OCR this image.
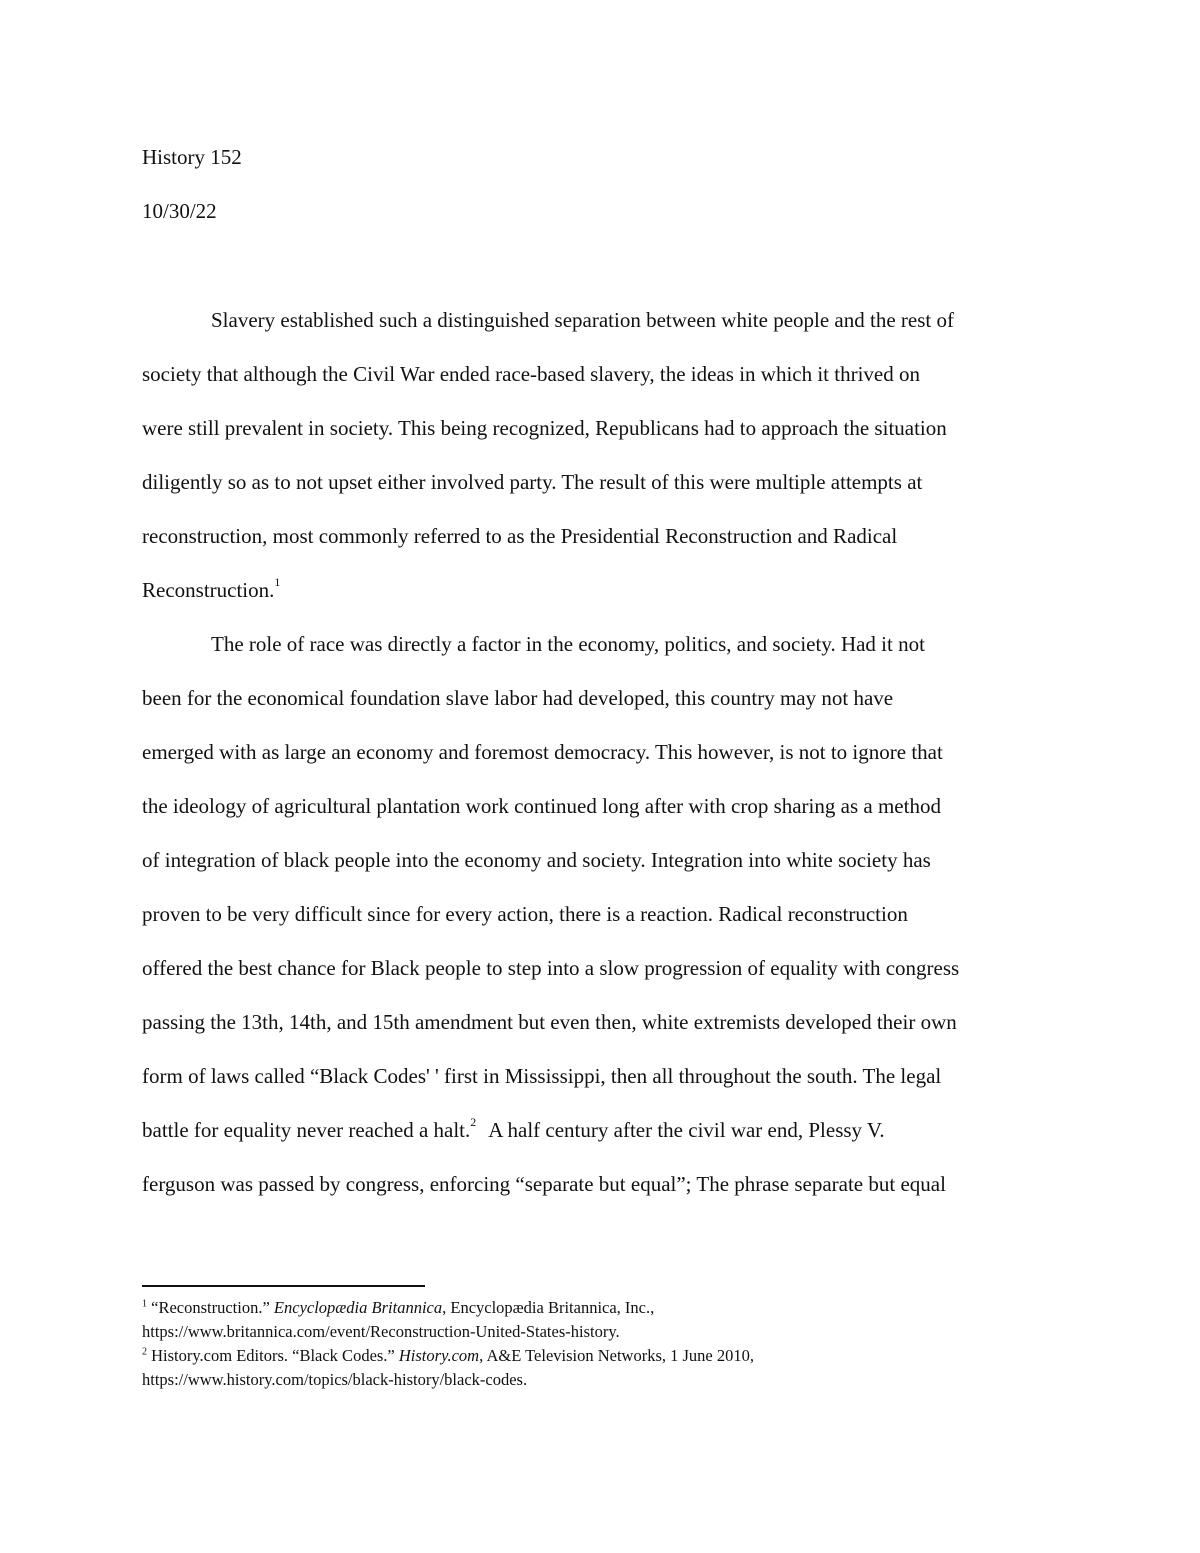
History 152
10/30/22
Slavery established such a distinguished separation between white people and the rest of
society that although the Civil War ended race-based slavery, the ideas in which it thrived on
were still prevalent in society. This being recognized, Republicans had to approach the situation
diligently so as to not upset either involved party. The result of this were multiple attempts at
reconstruction, most commonly referred to as the Presidential Reconstruction and Radical
Reconstruction.$^1$
The role of race was directly a factor in the economy, politics, and society. Had it not
been for the economical foundation slave labor had developed, this country may not have
emerged with as large an economy and foremost democracy. This however, is not to ignore that
the ideology of agricultural plantation work continued long after with crop sharing as a method
of integration of black people into the economy and society. Integration into white society has
proven to be very difficult since for every action, there is a reaction. Radical reconstruction
offered the best chance for Black people to step into a slow progression of equality with congress
passing the 13th, 14th, and 15th amendment but even then, white extremists developed their own
form of laws called “Black Codes' ' first in Mississippi, then all throughout the south. The legal
battle for equality never reached a halt.$^2$ A half century after the civil war end, Plessy V.
ferguson was passed by congress, enforcing “separate but equal”; The phrase separate but equal
$^1$ “Reconstruction.” Encyclopædia Britannica, Encyclopædia Britannica, Inc.,
https://www.britannica.com/event/Reconstruction-United-States-history.
$^2$ History.com Editors. “Black Codes.” History.com, A&E Television Networks, 1 June 2010,
https://www.history.com/topics/black-history/black-codes.
